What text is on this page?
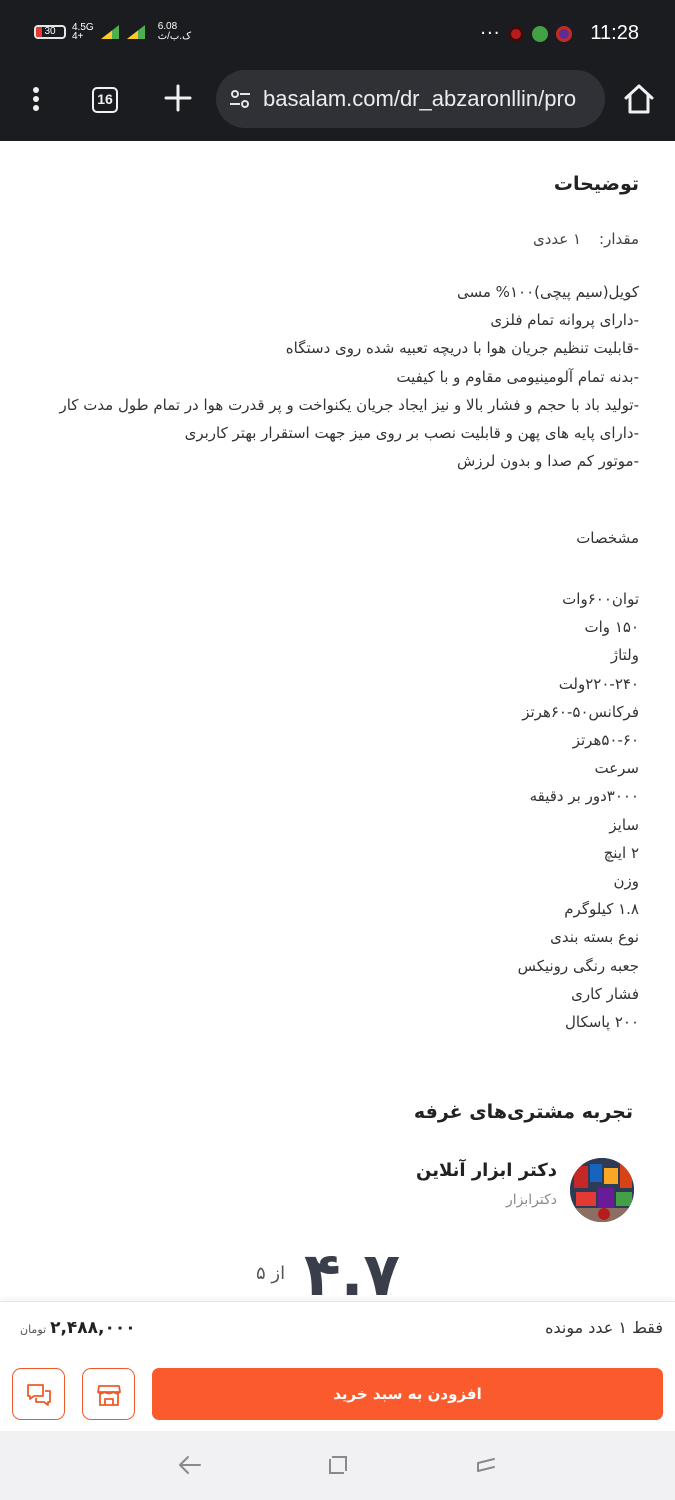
30	4.5G
4+
6.08
ک.ب/ث	···	11:28
16	basalam.com/dr_abzaronllin/pro
توضیحات
مقدار:
۱ عددی

کویل(سیم پیچی)۱۰۰% مسی

-دارای پروانه تمام فلزی

-قابلیت تنظیم جریان هوا با دریچه تعبیه شده روی دستگاه

-بدنه تمام آلومینیومی مقاوم و با کیفیت

-تولید باد با حجم و فشار بالا و نیز ایجاد جریان یکنواخت و پر قدرت هوا در تمام طول مدت کار

-دارای پایه های پهن و قابلیت نصب بر روی میز جهت استقرار بهتر کاربری

-موتور کم صدا و بدون لرزش

مشخصات

توان۶۰۰وات

۱۵۰ وات

ولتاژ

۲۲۰-۲۴۰ولت

فرکانس۵۰-۶۰هرتز

۵۰-۶۰هرتز

سرعت

۳۰۰۰دور بر دقیقه

سایز

۲ اینچ

وزن

۱.۸ کیلوگرم

نوع بسته بندی

جعبه رنگی رونیکس

فشار کاری

۲۰۰ پاسکال

تجربه مشتری‌های غرفه
دکتر ابزار آنلاین
دکترابزار
۴.۷
از ۵
فقط ۱ عدد مونده
۲,۴۸۸,۰۰۰
تومان
افزودن به سبد خرید
